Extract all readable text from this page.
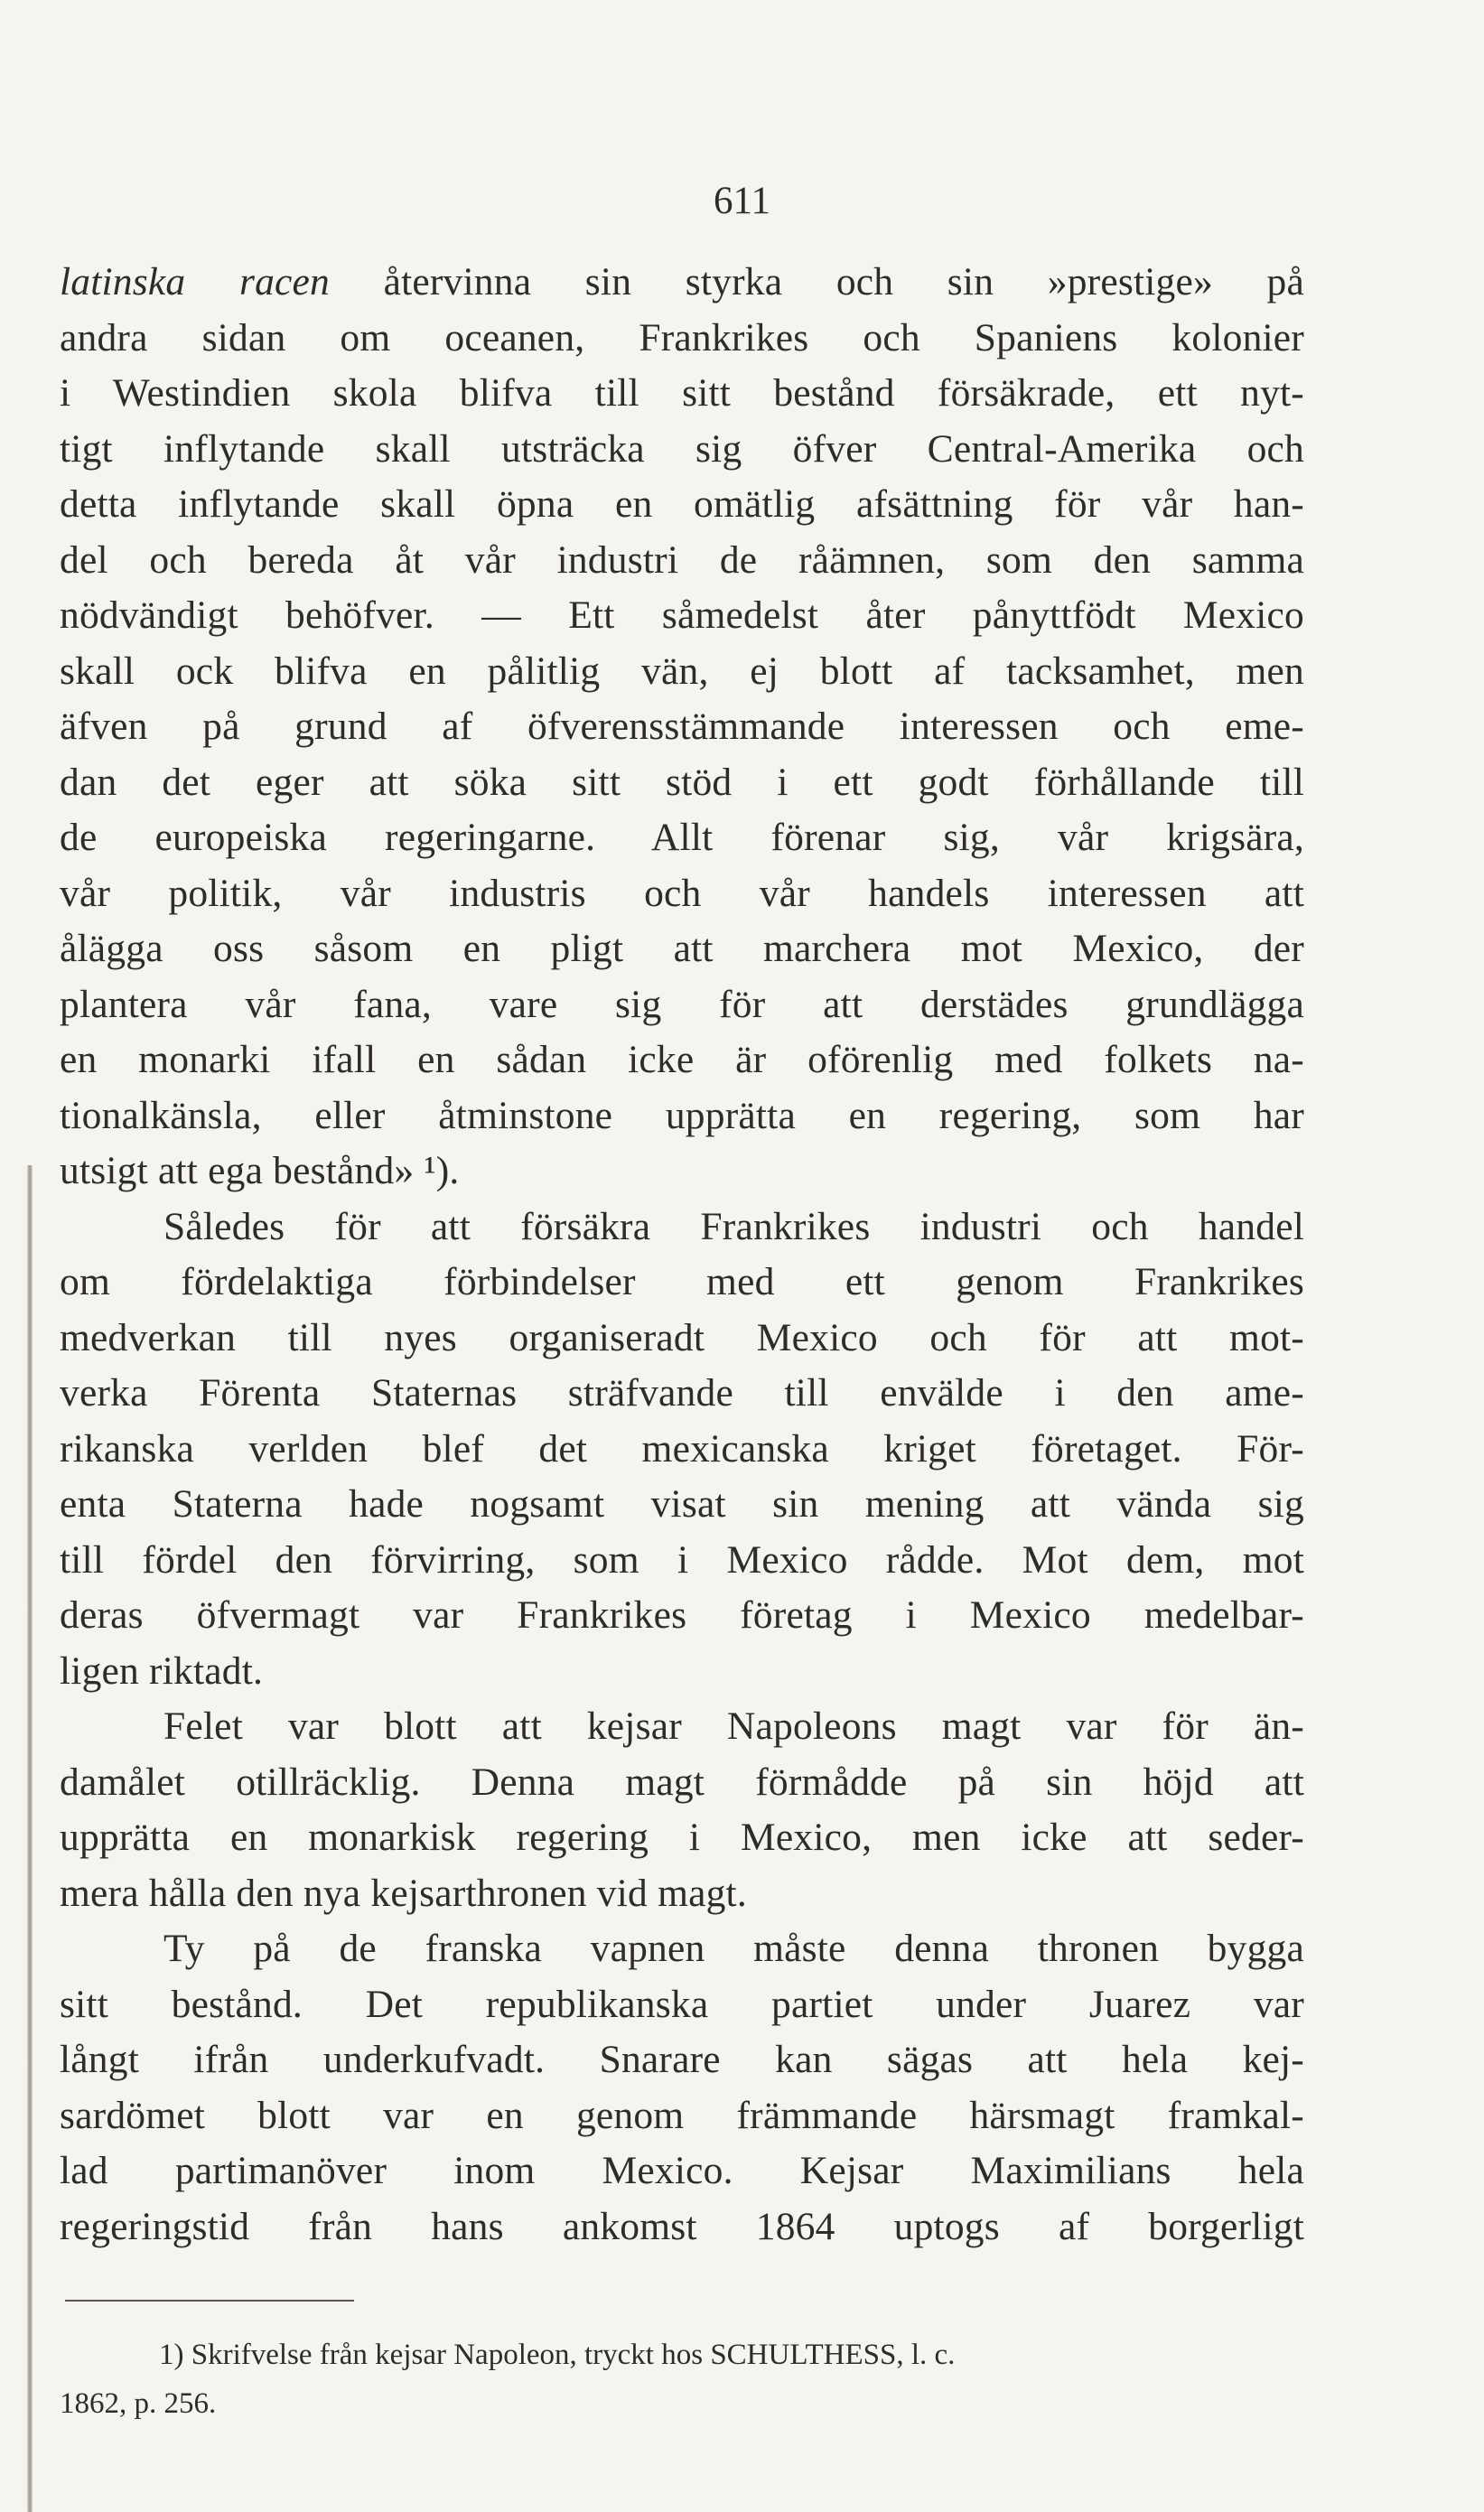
611
latinska racen återvinna sin styrka och sin »prestige» på
andra sidan om oceanen, Frankrikes och Spaniens kolonier
i Westindien skola blifva till sitt bestånd försäkrade, ett nyt-
tigt inflytande skall utsträcka sig öfver Central-Amerika och
detta inflytande skall öpna en omätlig afsättning för vår han-
del och bereda åt vår industri de råämnen, som den samma
nödvändigt behöfver. — Ett såmedelst åter pånyttfödt Mexico
skall ock blifva en pålitlig vän, ej blott af tacksamhet, men
äfven på grund af öfverensstämmande interessen och eme-
dan det eger att söka sitt stöd i ett godt förhållande till
de europeiska regeringarne. Allt förenar sig, vår krigsära,
vår politik, vår industris och vår handels interessen att
ålägga oss såsom en pligt att marchera mot Mexico, der
plantera vår fana, vare sig för att derstädes grundlägga
en monarki ifall en sådan icke är oförenlig med folkets na-
tionalkänsla, eller åtminstone upprätta en regering, som har
utsigt att ega bestånd» ¹).
Således för att försäkra Frankrikes industri och handel
om fördelaktiga förbindelser med ett genom Frankrikes
medverkan till nyes organiseradt Mexico och för att mot-
verka Förenta Staternas sträfvande till envälde i den ame-
rikanska verlden blef det mexicanska kriget företaget. För-
enta Staterna hade nogsamt visat sin mening att vända sig
till fördel den förvirring, som i Mexico rådde. Mot dem, mot
deras öfvermagt var Frankrikes företag i Mexico medelbar-
ligen riktadt.
Felet var blott att kejsar Napoleons magt var för än-
damålet otillräcklig. Denna magt förmådde på sin höjd att
upprätta en monarkisk regering i Mexico, men icke att seder-
mera hålla den nya kejsarthronen vid magt.
Ty på de franska vapnen måste denna thronen bygga
sitt bestånd. Det republikanska partiet under Juarez var
långt ifrån underkufvadt. Snarare kan sägas att hela kej-
sardömet blott var en genom främmande härsmagt framkal-
lad partimanöver inom Mexico. Kejsar Maximilians hela
regeringstid från hans ankomst 1864 uptogs af borgerligt
1) Skrifvelse från kejsar Napoleon, tryckt hos SCHULTHESS, l. c.
1862, p. 256.
